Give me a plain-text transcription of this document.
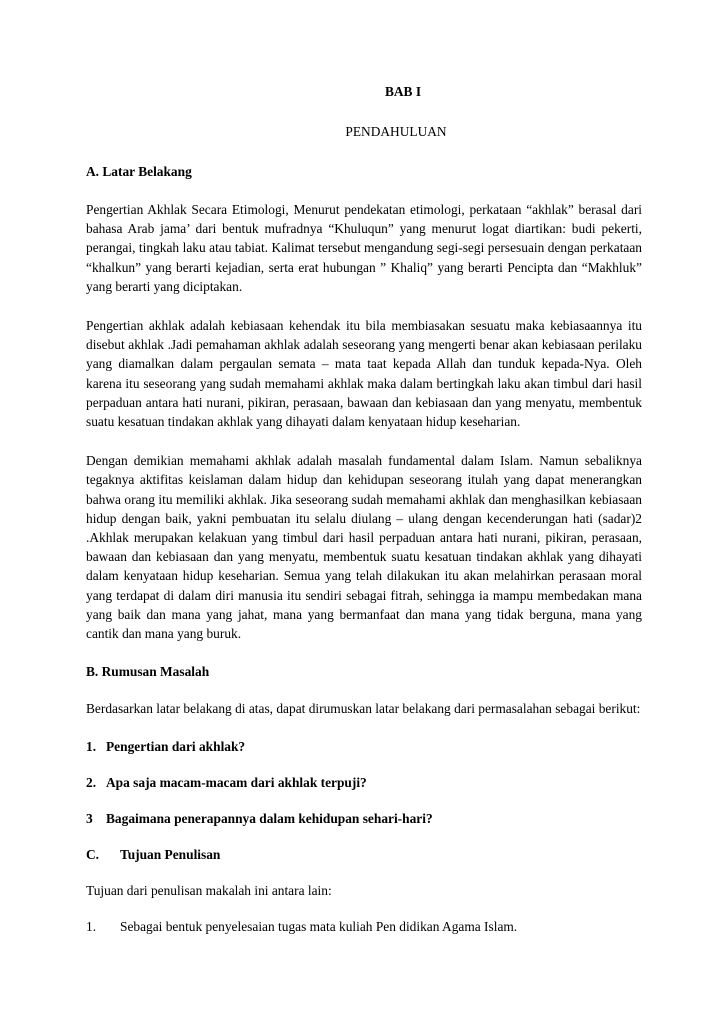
BAB I
PENDAHULUAN
A. Latar Belakang

Pengertian Akhlak Secara Etimologi, Menurut pendekatan etimologi, perkataan “akhlak” berasal dari bahasa Arab jama’ dari bentuk mufradnya “Khuluqun” yang menurut logat diartikan: budi pekerti, perangai, tingkah laku atau tabiat. Kalimat tersebut mengandung segi-segi persesuain dengan perkataan “khalkun” yang berarti kejadian, serta erat hubungan ” Khaliq” yang berarti Pencipta dan “Makhluk” yang berarti yang diciptakan.

Pengertian akhlak adalah kebiasaan kehendak itu bila membiasakan sesuatu maka kebiasaannya itu disebut akhlak .Jadi pemahaman akhlak adalah seseorang yang mengerti benar akan kebiasaan perilaku yang diamalkan dalam pergaulan semata – mata taat kepada Allah dan tunduk kepada-Nya. Oleh karena itu seseorang yang sudah memahami akhlak maka dalam bertingkah laku akan timbul dari hasil perpaduan antara hati nurani, pikiran, perasaan, bawaan dan kebiasaan dan yang menyatu, membentuk suatu kesatuan tindakan akhlak yang dihayati dalam kenyataan hidup keseharian.

Dengan demikian memahami akhlak adalah masalah fundamental dalam Islam. Namun sebaliknya tegaknya aktifitas keislaman dalam hidup dan kehidupan seseorang itulah yang dapat menerangkan bahwa orang itu memiliki akhlak. Jika seseorang sudah memahami akhlak dan menghasilkan kebiasaan hidup dengan baik, yakni pembuatan itu selalu diulang – ulang dengan kecenderungan hati (sadar)2 .Akhlak merupakan kelakuan yang timbul dari hasil perpaduan antara hati nurani, pikiran, perasaan, bawaan dan kebiasaan dan yang menyatu, membentuk suatu kesatuan tindakan akhlak yang dihayati dalam kenyataan hidup keseharian. Semua yang telah dilakukan itu akan melahirkan perasaan moral yang terdapat di dalam diri manusia itu sendiri sebagai fitrah, sehingga ia mampu membedakan mana yang baik dan mana yang jahat, mana yang bermanfaat dan mana yang tidak berguna, mana yang cantik dan mana yang buruk.

B. Rumusan Masalah

Berdasarkan latar belakang di atas, dapat dirumuskan latar belakang dari permasalahan sebagai berikut:

1. Pengertian dari akhlak?
2. Apa saja macam-macam dari akhlak terpuji?
3 Bagaimana penerapannya dalam kehidupan sehari-hari?
C. Tujuan Penulisan
Tujuan dari penulisan makalah ini antara lain:
1. Sebagai bentuk penyelesaian tugas mata kuliah Pen didikan Agama Islam.
